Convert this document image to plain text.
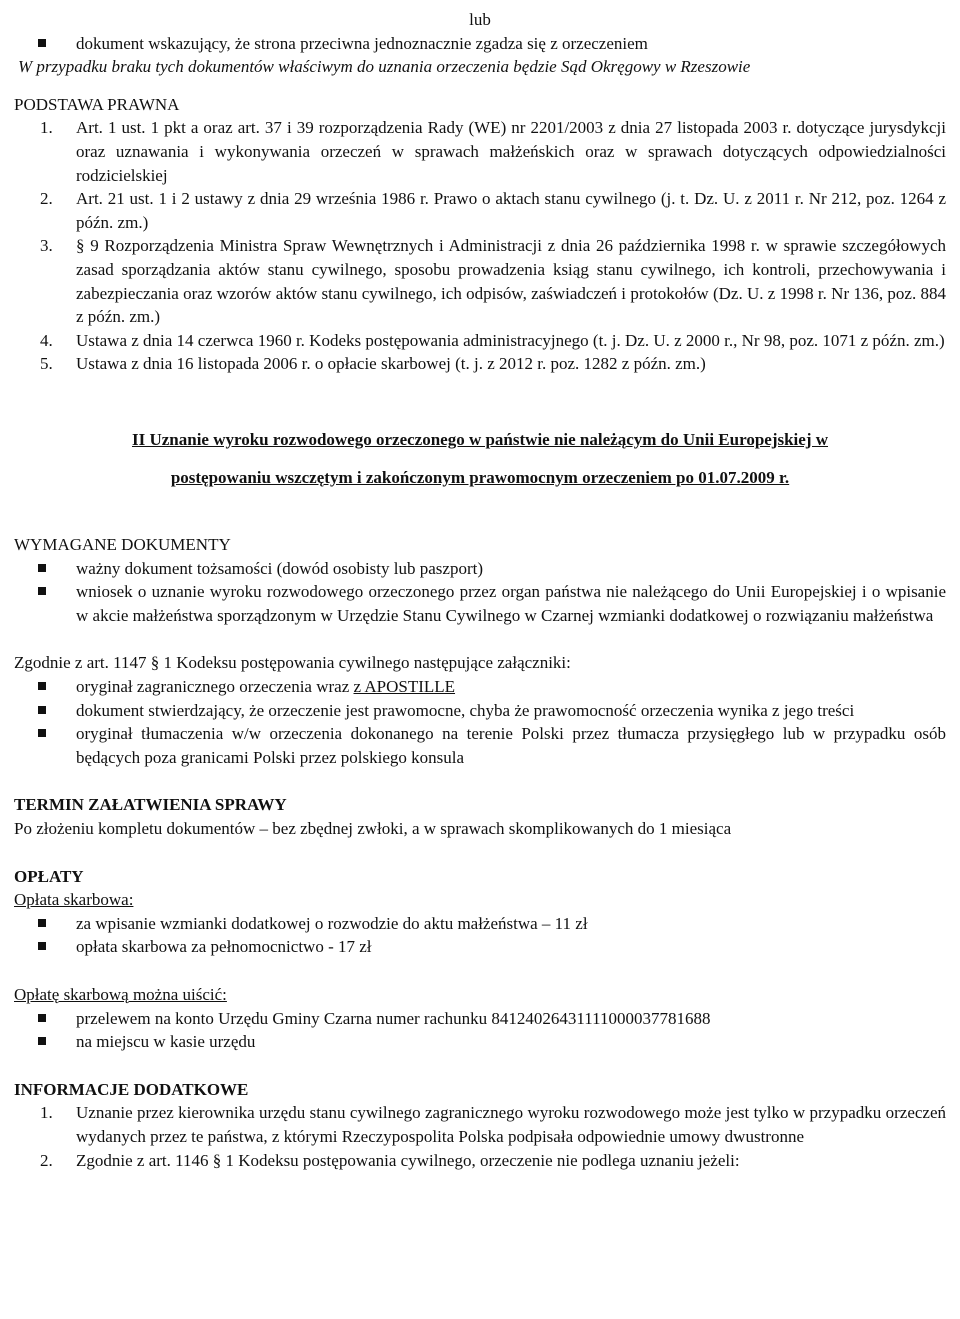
lub

dokument wskazujący, że strona przeciwna jednoznacznie zgadza się z orzeczeniem

W przypadku braku tych dokumentów właściwym do uznania orzeczenia będzie Sąd Okręgowy w Rzeszowie

PODSTAWA PRAWNA

1. Art. 1 ust. 1 pkt a oraz art. 37 i 39 rozporządzenia Rady (WE) nr 2201/2003 z dnia 27 listopada 2003 r. dotyczące jurysdykcji oraz uznawania i wykonywania orzeczeń w sprawach małżeńskich oraz w sprawach dotyczących odpowiedzialności rodzicielskiej
2. Art. 21 ust. 1 i 2 ustawy z dnia 29 września 1986 r. Prawo o aktach stanu cywilnego (j. t. Dz. U. z 2011 r. Nr 212, poz. 1264 z późn. zm.)
3. § 9 Rozporządzenia Ministra Spraw Wewnętrznych i Administracji z dnia 26 października 1998 r. w sprawie szczegółowych zasad sporządzania aktów stanu cywilnego, sposobu prowadzenia ksiąg stanu cywilnego, ich kontroli, przechowywania i zabezpieczania oraz wzorów aktów stanu cywilnego, ich odpisów, zaświadczeń i protokołów (Dz. U. z 1998 r. Nr 136, poz. 884 z późn. zm.)
4. Ustawa z dnia 14 czerwca 1960 r. Kodeks postępowania administracyjnego (t. j. Dz. U. z 2000 r., Nr 98, poz. 1071 z późn. zm.)
5. Ustawa z dnia 16 listopada 2006 r. o opłacie skarbowej (t. j. z 2012 r. poz. 1282 z późn. zm.)

II Uznanie wyroku rozwodowego orzeczonego w państwie nie należącym do Unii Europejskiej w

postępowaniu wszczętym i zakończonym prawomocnym orzeczeniem po 01.07.2009 r.

WYMAGANE DOKUMENTY

ważny dokument tożsamości (dowód osobisty lub paszport)
wniosek o uznanie wyroku rozwodowego orzeczonego przez organ państwa nie należącego do Unii Europejskiej i o wpisanie w akcie małżeństwa sporządzonym w Urzędzie Stanu Cywilnego w Czarnej wzmianki dodatkowej o rozwiązaniu małżeństwa

Zgodnie z art. 1147 § 1 Kodeksu postępowania cywilnego następujące załączniki:

oryginał zagranicznego orzeczenia wraz z APOSTILLE
dokument stwierdzający, że orzeczenie jest prawomocne, chyba że prawomocność orzeczenia wynika z jego treści
oryginał tłumaczenia w/w orzeczenia dokonanego na terenie Polski przez tłumacza przysięgłego lub w przypadku osób będących poza granicami Polski przez polskiego konsula

TERMIN ZAŁATWIENIA SPRAWY

Po złożeniu kompletu dokumentów – bez zbędnej zwłoki, a w sprawach skomplikowanych do 1 miesiąca

OPŁATY

Opłata skarbowa:

za wpisanie wzmianki dodatkowej o rozwodzie do aktu małżeństwa – 11 zł
opłata skarbowa za pełnomocnictwo - 17 zł

Opłatę skarbową można uiścić:

przelewem na konto Urzędu Gminy Czarna numer rachunku 84124026431111000037781688
na miejscu w kasie urzędu

INFORMACJE DODATKOWE

1. Uznanie przez kierownika urzędu stanu cywilnego zagranicznego wyroku rozwodowego może jest tylko w przypadku orzeczeń wydanych przez te państwa, z którymi Rzeczypospolita Polska podpisała odpowiednie umowy dwustronne
2. Zgodnie z art. 1146 § 1 Kodeksu postępowania cywilnego, orzeczenie nie podlega uznaniu jeżeli:
